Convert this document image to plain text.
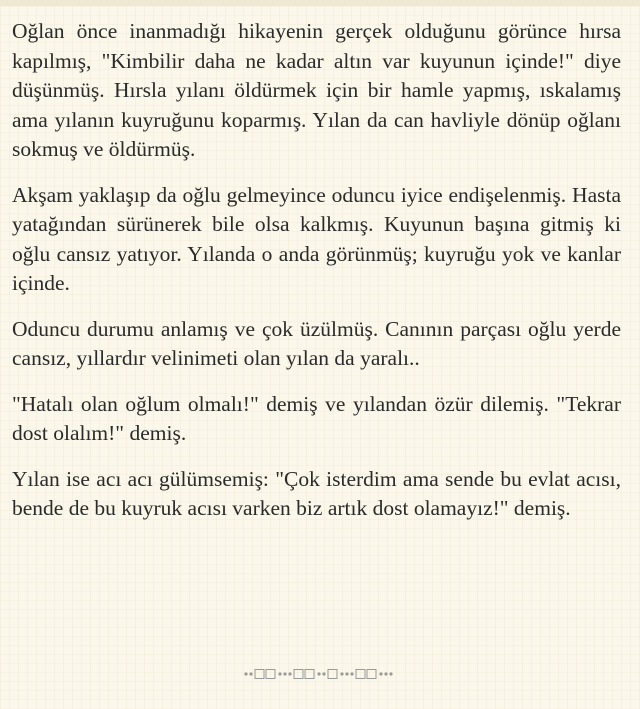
Oğlan önce inanmadığı hikayenin gerçek olduğunu görünce hırsa kapılmış, "Kimbilir daha ne kadar altın var kuyunun içinde!" diye düşünmüş. Hırsla yılanı öldürmek için bir hamle yapmış, ıskalamış ama yılanın kuyruğunu koparmış. Yılan da can havliyle dönüp oğlanı sokmuş ve öldürmüş.

Akşam yaklaşıp da oğlu gelmeyince oduncu iyice endişelenmiş. Hasta yatağından sürünerek bile olsa kalkmış. Kuyunun başına gitmiş ki oğlu cansız yatıyor. Yılanda o anda görünmüş; kuyruğu yok ve kanlar içinde.

Oduncu durumu anlamış ve çok üzülmüş. Canının parçası oğlu yerde cansız, yıllardır velinimeti olan yılan da yaralı..

"Hatalı olan oğlum olmalı!" demiş ve yılandan özür dilemiş. "Tekrar dost olalım!" demiş.

Yılan ise acı acı gülümsemiş: "Çok isterdim ama sende bu evlat acısı, bende de bu kuyruk acısı varken biz artık dost olamayız!" demiş.
